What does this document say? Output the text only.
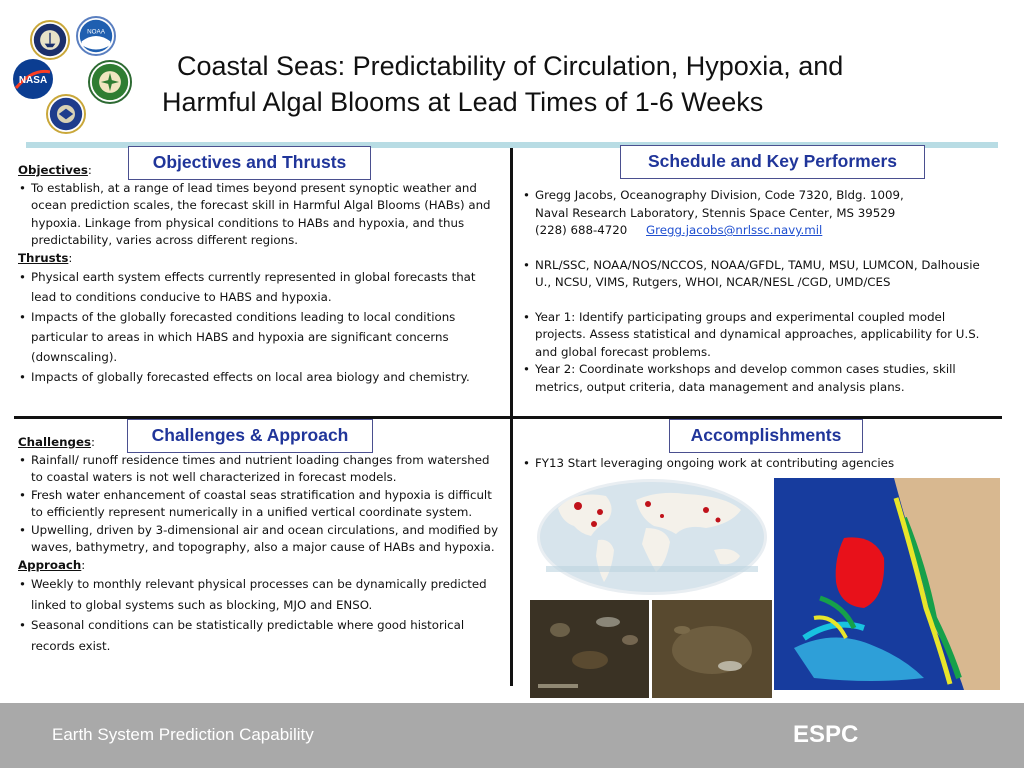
NOAA
NASA	Coastal Seas: Predictability of Circulation, Hypoxia, and
Harmful Algal Blooms at Lead Times of 1-6 Weeks
Objectives and Thrusts	Schedule and Key Performers
Challenges & Approach	Accomplishments
Objectives:
• To establish, at a range of lead times beyond present synoptic weather and ocean prediction scales, the forecast skill in Harmful Algal Blooms (HABs) and hypoxia. Linkage from physical conditions to HABs and hypoxia, and thus predictability, varies across different regions.
Thrusts:
• Physical earth system effects currently represented in global forecasts that lead to conditions conducive to HABS and hypoxia.
• Impacts of the globally forecasted conditions leading to local conditions particular to areas in which HABS and hypoxia are significant concerns (downscaling).
• Impacts of globally forecasted effects on local area biology and chemistry.
• Gregg Jacobs, Oceanography Division, Code 7320, Bldg. 1009,
Naval Research Laboratory, Stennis Space Center, MS 39529
(228) 688-4720 Gregg.jacobs@nrlssc.navy.mil
• NRL/SSC, NOAA/NOS/NCCOS, NOAA/GFDL, TAMU, MSU, LUMCON, Dalhousie U., NCSU, VIMS, Rutgers, WHOI, NCAR/NESL /CGD, UMD/CES
• Year 1: Identify participating groups and experimental coupled model projects. Assess statistical and dynamical approaches, applicability for U.S. and global forecast problems.
• Year 2: Coordinate workshops and develop common cases studies, skill metrics, output criteria, data management and analysis plans.
Challenges:
• Rainfall/ runoff residence times and nutrient loading changes from watershed to coastal waters is not well characterized in forecast models.
• Fresh water enhancement of coastal seas stratification and hypoxia is difficult to efficiently represent numerically in a unified vertical coordinate system.
• Upwelling, driven by 3-dimensional air and ocean circulations, and modified by waves, bathymetry, and topography, also a major cause of HABs and hypoxia.
Approach:
• Weekly to monthly relevant physical processes can be dynamically predicted linked to global systems such as blocking, MJO and ENSO.
• Seasonal conditions can be statistically predictable where good historical records exist.
• FY13 Start leveraging ongoing work at contributing agencies
Earth System Prediction Capability	ESPC
